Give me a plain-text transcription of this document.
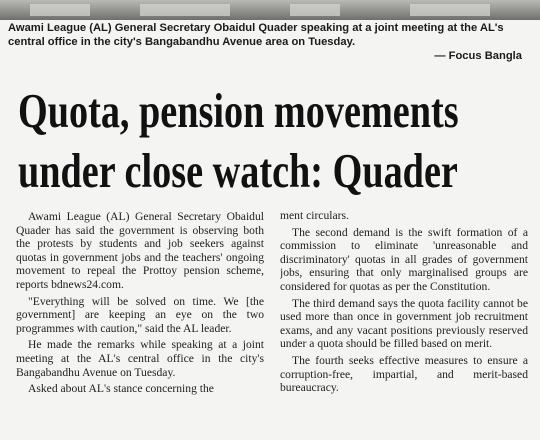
Awami League (AL) General Secretary Obaidul Quader speaking at a joint meeting at the AL's central office in the city's Bangabandhu Avenue area on Tuesday.

— Focus Bangla
Quota, pension movements
under close watch: Quader

Awami League (AL) General Secretary Obaidul Quader has said the government is observing both the protests by students and job seekers against quotas in government jobs and the teachers' ongoing movement to repeal the Prottoy pension scheme, reports bdnews24.com.

"Everything will be solved on time. We [the government] are keeping an eye on the two programmes with caution," said the AL leader.

He made the remarks while speaking at a joint meeting at the AL's central office in the city's Bangabandhu Avenue on Tuesday.

Asked about AL's stance concerning the

ment circulars.

The second demand is the swift formation of a commission to eliminate 'unreasonable and discriminatory' quotas in all grades of government jobs, ensuring that only marginalised groups are considered for quotas as per the Constitution.

The third demand says the quota facility cannot be used more than once in government job recruitment exams, and any vacant positions previously reserved under a quota should be filled based on merit.

The fourth seeks effective measures to ensure a corruption-free, impartial, and merit-based bureaucracy.
